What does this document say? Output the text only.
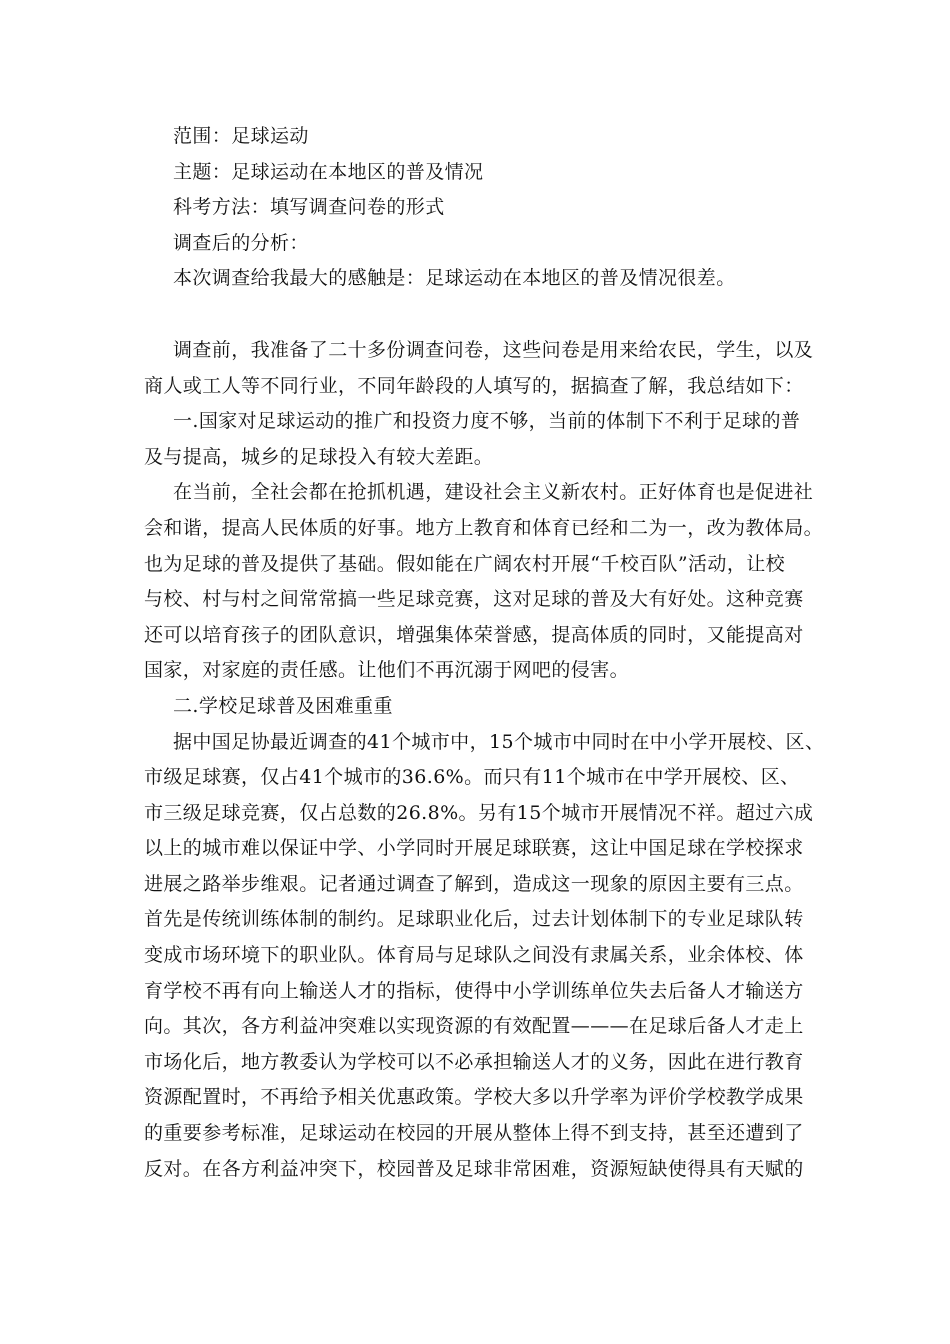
范围：足球运动
主题：足球运动在本地区的普及情况
科考方法：填写调查问卷的形式
调查后的分析：
本次调查给我最大的感触是：足球运动在本地区的普及情况很差。
调查前，我准备了二十多份调查问卷，这些问卷是用来给农民，学生，以及
商人或工人等不同行业，不同年龄段的人填写的，据搞查了解，我总结如下：
一.国家对足球运动的推广和投资力度不够，当前的体制下不利于足球的普
及与提高，城乡的足球投入有较大差距。
在当前，全社会都在抢抓机遇，建设社会主义新农村。正好体育也是促进社
会和谐，提高人民体质的好事。地方上教育和体育已经和二为一，改为教体局。
也为足球的普及提供了基础。假如能在广阔农村开展“千校百队”活动，让校
与校、村与村之间常常搞一些足球竞赛，这对足球的普及大有好处。这种竞赛
还可以培育孩子的团队意识，增强集体荣誉感，提高体质的同时，又能提高对
国家，对家庭的责任感。让他们不再沉溺于网吧的侵害。
二.学校足球普及困难重重
据中国足协最近调查的41个城市中，15个城市中同时在中小学开展校、区、
市级足球赛，仅占41个城市的36.6%。而只有11个城市在中学开展校、区、
市三级足球竞赛，仅占总数的26.8%。另有15个城市开展情况不祥。超过六成
以上的城市难以保证中学、小学同时开展足球联赛，这让中国足球在学校探求
进展之路举步维艰。记者通过调查了解到，造成这一现象的原因主要有三点。
首先是传统训练体制的制约。足球职业化后，过去计划体制下的专业足球队转
变成市场环境下的职业队。体育局与足球队之间没有隶属关系，业余体校、体
育学校不再有向上输送人才的指标，使得中小学训练单位失去后备人才输送方
向。其次，各方利益冲突难以实现资源的有效配置———在足球后备人才走上
市场化后，地方教委认为学校可以不必承担输送人才的义务，因此在进行教育
资源配置时，不再给予相关优惠政策。学校大多以升学率为评价学校教学成果
的重要参考标准，足球运动在校园的开展从整体上得不到支持，甚至还遭到了
反对。在各方利益冲突下，校园普及足球非常困难，资源短缺使得具有天赋的
